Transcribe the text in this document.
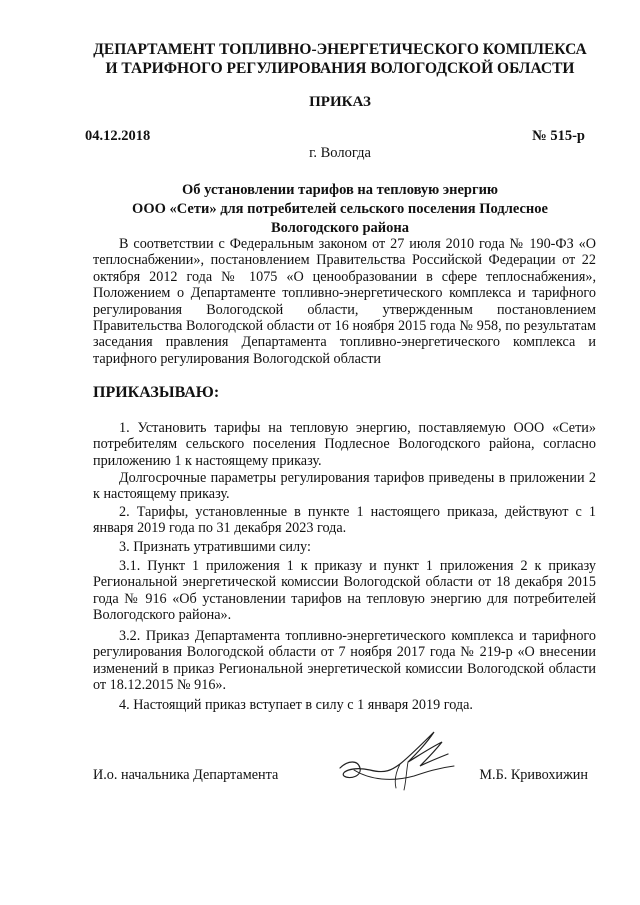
ДЕПАРТАМЕНТ ТОПЛИВНО-ЭНЕРГЕТИЧЕСКОГО КОМПЛЕКСА
И ТАРИФНОГО РЕГУЛИРОВАНИЯ ВОЛОГОДСКОЙ ОБЛАСТИ
ПРИКАЗ
04.12.2018	№ 515-р
г. Вологда
Об установлении тарифов на тепловую энергию
ООО «Сети» для потребителей сельского поселения Подлесное
Вологодского района

В соответствии с Федеральным законом от 27 июля 2010 года № 190-ФЗ «О теплоснабжении», постановлением Правительства Российской Федерации от 22 октября 2012 года № 1075 «О ценообразовании в сфере теплоснабжения», Положением о Департаменте топливно-энергетического комплекса и тарифного регулирования Вологодской области, утвержденным постановлением Правительства Вологодской области от 16 ноября 2015 года № 958, по результатам заседания правления Департамента топливно-энергетического комплекса и тарифного регулирования Вологодской области

ПРИКАЗЫВАЮ:

1. Установить тарифы на тепловую энергию, поставляемую ООО «Сети» потребителям сельского поселения Подлесное Вологодского района, согласно приложению 1 к настоящему приказу.

Долгосрочные параметры регулирования тарифов приведены в приложении 2 к настоящему приказу.

2. Тарифы, установленные в пункте 1 настоящего приказа, действуют с 1 января 2019 года по 31 декабря 2023 года.

3. Признать утратившими силу:

3.1. Пункт 1 приложения 1 к приказу и пункт 1 приложения 2 к приказу Региональной энергетической комиссии Вологодской области от 18 декабря 2015 года № 916 «Об установлении тарифов на тепловую энергию для потребителей Вологодского района».

3.2. Приказ Департамента топливно-энергетического комплекса и тарифного регулирования Вологодской области от 7 ноября 2017 года № 219-р «О внесении изменений в приказ Региональной энергетической комиссии Вологодской области от 18.12.2015 № 916».

4. Настоящий приказ вступает в силу с 1 января 2019 года.

И.о. начальника Департамента	М.Б. Кривохижин
